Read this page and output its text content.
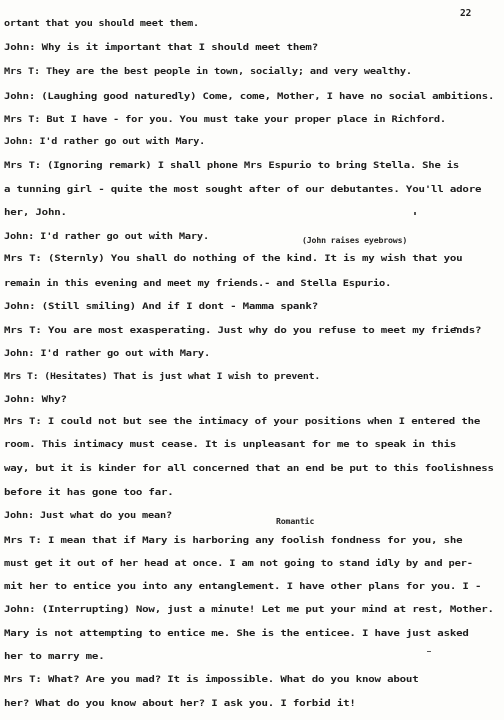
22
(John raises eyebrows)
Romantic
ortant that you should meet them.
John: Why is it important that I should meet them?
Mrs T: They are the best people in town, socially; and very wealthy.
John: (Laughing good naturedly) Come, come, Mother, I have no social ambitions.
Mrs T: But I have - for you. You must take your proper place in Richford.
John: I'd rather go out with Mary.
Mrs T: (Ignoring remark) I shall phone Mrs Espurio to bring Stella. She is
a tunning girl - quite the most sought after of our debutantes. You'll adore
her, John.
John: I'd rather go out with Mary.
Mrs T: (Sternly) You shall do nothing of the kind. It is my wish that you
remain in this evening and meet my friends.- and Stella Espurio.
John: (Still smiling) And if I dont - Mamma spank?
Mrs T: You are most exasperating. Just why do you refuse to meet my friends?
John: I'd rather go out with Mary.
Mrs T: (Hesitates) That is just what I wish to prevent.
John: Why?
Mrs T: I could not but see the intimacy of your positions when I entered the
room. This intimacy must cease. It is unpleasant for me to speak in this
way, but it is kinder for all concerned that an end be put to this foolishness
before it has gone too far.
John: Just what do you mean?
Mrs T: I mean that if Mary is harboring any foolish fondness for you, she
must get it out of her head at once. I am not going to stand idly by and per-
mit her to entice you into any entanglement. I have other plans for you. I -
John: (Interrupting) Now, just a minute! Let me put your mind at rest, Mother.
Mary is not attempting to entice me. She is the enticee. I have just asked
her to marry me.
Mrs T: What? Are you mad? It is impossible. What do you know about
her? What do you know about her? I ask you. I forbid it!
